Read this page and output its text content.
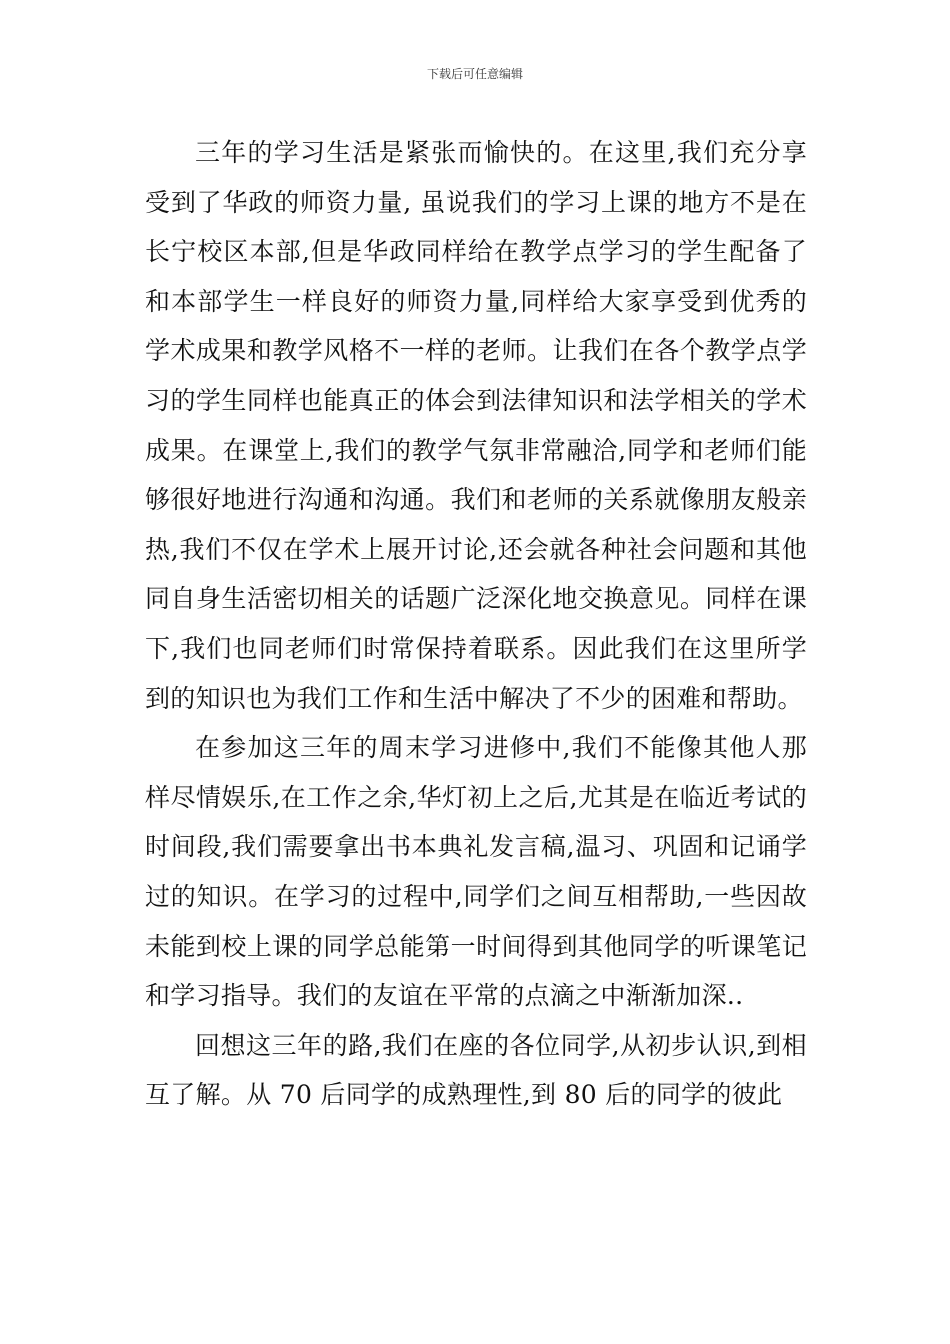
下载后可任意编辑

三年的学习生活是紧张而愉快的。在这里,我们充分享受到了华政的师资力量, 虽说我们的学习上课的地方不是在长宁校区本部,但是华政同样给在教学点学习的学生配备了和本部学生一样良好的师资力量,同样给大家享受到优秀的学术成果和教学风格不一样的老师。让我们在各个教学点学习的学生同样也能真正的体会到法律知识和法学相关的学术成果。在课堂上,我们的教学气氛非常融洽,同学和老师们能够很好地进行沟通和沟通。我们和老师的关系就像朋友般亲热,我们不仅在学术上展开讨论,还会就各种社会问题和其他同自身生活密切相关的话题广泛深化地交换意见。同样在课下,我们也同老师们时常保持着联系。因此我们在这里所学到的知识也为我们工作和生活中解决了不少的困难和帮助。

在参加这三年的周末学习进修中,我们不能像其他人那样尽情娱乐,在工作之余,华灯初上之后,尤其是在临近考试的时间段,我们需要拿出书本典礼发言稿,温习、巩固和记诵学过的知识。在学习的过程中,同学们之间互相帮助,一些因故未能到校上课的同学总能第一时间得到其他同学的听课笔记和学习指导。我们的友谊在平常的点滴之中渐渐加深..

回想这三年的路,我们在座的各位同学,从初步认识,到相互了解。从 70 后同学的成熟理性,到 80 后的同学的彼此
